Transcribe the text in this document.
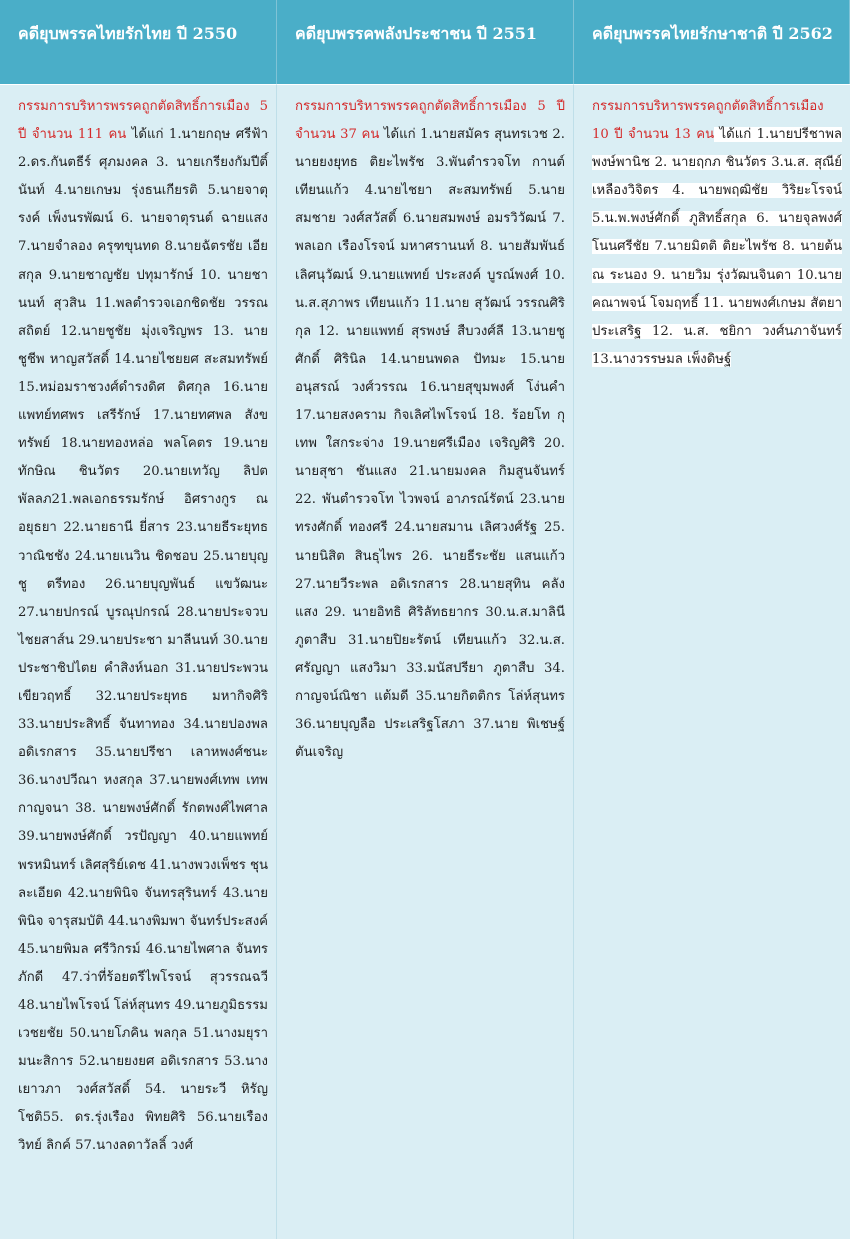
คดียุบพรรคไทยรักไทย ปี 2550	คดียุบพรรคพลังประชาชน ปี 2551	คดียุบพรรคไทยรักษาชาติ ปี 2562
กรรมการบริหารพรรคถูกตัดสิทธิ์การเมือง 5 ปี จำนวน 111 คน ได้แก่ 1.นายกฤษ ศรีฟ้า 2.ดร.กันตธีร์ ศุภมงคล 3. นายเกรียงกัมปีติ์นันท์ 4.นายเกษม รุ่งธนเกียรติ 5.นายจาตุรงค์ เพ็งนรพัฒน์ 6. นายจาตุรนต์ ฉายแสง 7.นายจำลอง ครุฑขุนทด 8.นายฉัตรชัย เอียสกุล 9.นายชาญชัย ปทุมารักษ์ 10. นายชานนท์ สุวสิน 11.พลตำรวจเอกชิดชัย วรรณสถิตย์ 12.นายชูชัย มุ่งเจริญพร 13. นายชูชีพ หาญสวัสดิ์ 14.นายไชยยศ สะสมทรัพย์ 15.หม่อมราชวงศ์ดำรงดิศ ดิศกุล 16.นายแพทย์ทศพร เสรีรักษ์ 17.นายทศพล สังขทรัพย์ 18.นายทองหล่อ พลโคตร 19.นายทักษิณ ชินวัตร 20.นายเทวัญ ลิปตพัลลภ21.พลเอกธรรมรักษ์ อิศรางกูร ณ อยุธยา 22.นายธานี ยี่สาร 23.นายธีระยุทธ วาณิชชัง 24.นายเนวิน ชิดชอบ 25.นายบุญชู ตรีทอง 26.นายบุญพันธ์ แขวัฒนะ 27.นายปกรณ์ บูรณุปกรณ์ 28.นายประจวบ ไชยสาส์น 29.นายประชา มาลีนนท์ 30.นายประชาชิปไตย คำสิงห์นอก 31.นายประพวน เขียวฤทธิ์ 32.นายประยุทธ มหากิจศิริ 33.นายประสิทธิ์ จันทาทอง 34.นายปองพล อดิเรกสาร 35.นายปรีชา เลาหพงศ์ชนะ 36.นางปวีณา หงสกุล 37.นายพงศ์เทพ เทพกาญจนา 38. นายพงษ์ศักดิ์ รักตพงศ์ไพศาล 39.นายพงษ์ศักดิ์ วรปัญญา 40.นายแพทย์พรหมินทร์ เลิศสุริย์เดช 41.นางพวงเพ็ชร ชุนละเอียด 42.นายพินิจ จันทรสุรินทร์ 43.นายพินิจ จารุสมบัติ 44.นางพิมพา จันทร์ประสงค์ 45.นายพิมล ศรีวิกรม์ 46.นายไพศาล จันทรภักดี 47.ว่าที่ร้อยตรีไพโรจน์ สุวรรณฉวี 48.นายไพโรจน์ โล่ห์สุนทร 49.นายภูมิธรรม เวชยชัย 50.นายโภคิน พลกุล 51.นางมยุรา มนะสิการ 52.นายยงยศ อดิเรกสาร 53.นางเยาวภา วงศ์สวัสดิ์ 54. นายระวี หิรัญโชติ55. ดร.รุ่งเรือง พิทยศิริ 56.นายเรืองวิทย์ ลิกค์ 57.นางลดาวัลลิ์ วงศ์
กรรมการบริหารพรรคถูกตัดสิทธิ์การเมือง 5 ปี จำนวน 37 คน ได้แก่ 1.นายสมัคร สุนทรเวช 2. นายยงยุทธ ติยะไพรัช 3.พันตำรวจโท กานต์ เทียนแก้ว 4.นายไชยา สะสมทรัพย์ 5.นายสมชาย วงศ์สวัสดิ์ 6.นายสมพงษ์ อมรวิวัฒน์ 7. พลเอก เรืองโรจน์ มหาศรานนท์ 8. นายสัมพันธ์ เลิศนุวัฒน์ 9.นายแพทย์ ประสงค์ บูรณ์พงศ์ 10. น.ส.สุภาพร เทียนแก้ว 11.นาย สุวัฒน์ วรรณศิริกุล 12. นายแพทย์ สุรพงษ์ สืบวงศ์ลี 13.นายชูศักดิ์ ศิรินิล 14.นายนพดล ปัทมะ 15.นายอนุสรณ์ วงศ์วรรณ 16.นายสุขุมพงศ์ โง่นคำ 17.นายสงคราม กิจเลิศไพโรจน์ 18. ร้อยโท กุเทพ ใสกระจ่าง 19.นายศรีเมือง เจริญศิริ 20. นายสุชา ชันแสง 21.นายมงคล กิมสูนจันทร์ 22. พันตำรวจโท ไวพจน์ อาภรณ์รัตน์ 23.นาย ทรงศักดิ์ ทองศรี 24.นายสมาน เลิศวงศ์รัฐ 25. นายนิสิต สินธุไพร 26. นายธีระชัย แสนแก้ว 27.นายวีระพล อดิเรกสาร 28.นายสุทิน คลังแสง 29. นายอิทธิ ศิริลัทธยากร 30.น.ส.มาลินี ภูตาสืบ 31.นายปิยะรัตน์ เทียนแก้ว 32.น.ส. ศรัญญา แสงวิมา 33.มนัสปรียา ภูตาสืบ 34. กาญจน์ณิชา แต้มดี 35.นายกิตติกร โล่ห์สุนทร 36.นายบุญลือ ประเสริฐโสภา 37.นาย พิเชษฐ์ ตันเจริญ
กรรมการบริหารพรรคถูกตัดสิทธิ์การเมือง 10 ปี จำนวน 13 คน ได้แก่ 1.นายปรีชาพล พงษ์พานิช 2. นายฤกภ ชินวัตร 3.น.ส. สุณีย์ เหลืองวิจิตร 4. นายพฤฒิชัย วิริยะโรจน์ 5.น.พ.พงษ์ศักดิ์ ภูสิทธิ์สกุล 6. นายจุลพงศ์ โนนศรีชัย 7.นายมิตติ ติยะไพรัช 8. นายต้น ณ ระนอง 9. นายวิม รุ่งวัฒนจินดา 10.นายคณาพจน์ โจมฤทธิ์ 11. นายพงศ์เกษม สัตยาประเสริฐ 12. น.ส. ชยิกา วงศ์นภาจันทร์ 13.นางวรรษมล เพ็งดิษฐ์
